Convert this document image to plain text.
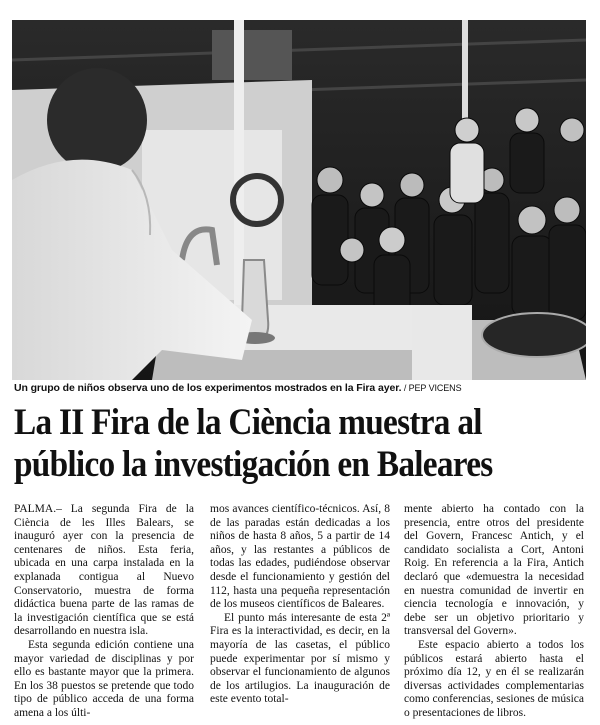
Un grupo de niños observa uno de los experimentos mostrados en la Fira ayer. / PEP VICENS
La II Fira de la Ciència muestra al
público la investigación en Baleares

PALMA.– La segunda Fira de la Ciència de les Illes Balears, se inauguró ayer con la presencia de centenares de niños. Esta feria, ubicada en una carpa instalada en la explanada contigua al Nuevo Conservatorio, muestra de forma didáctica buena parte de las ramas de la investigación científica que se está desarrollando en nuestra isla.

Esta segunda edición contiene una mayor variedad de disciplinas y por ello es bastante mayor que la primera. En los 38 puestos se pretende que todo tipo de público acceda de una forma amena a los últi-

mos avances científico-técnicos. Así, 8 de las paradas están dedicadas a los niños de hasta 8 años, 5 a partir de 14 años, y las restantes a públicos de todas las edades, pudiéndose observar desde el funcionamiento y gestión del 112, hasta una pequeña representación de los museos científicos de Baleares.

El punto más interesante de esta 2ª Fira es la interactividad, es decir, en la mayoría de las casetas, el público puede experimentar por sí mismo y observar el funcionamiento de algunos de los artilugios. La inauguración de este evento total-

mente abierto ha contado con la presencia, entre otros del presidente del Govern, Francesc Antich, y el candidato socialista a Cort, Antoni Roig. En referencia a la Fira, Antich declaró que «demuestra la necesidad en nuestra comunidad de invertir en ciencia tecnología e innovación, y debe ser un objetivo prioritario y transversal del Govern».

Este espacio abierto a todos los públicos estará abierto hasta el próximo día 12, y en él se realizarán diversas actividades complementarias como conferencias, sesiones de música o presentaciones de libros.
